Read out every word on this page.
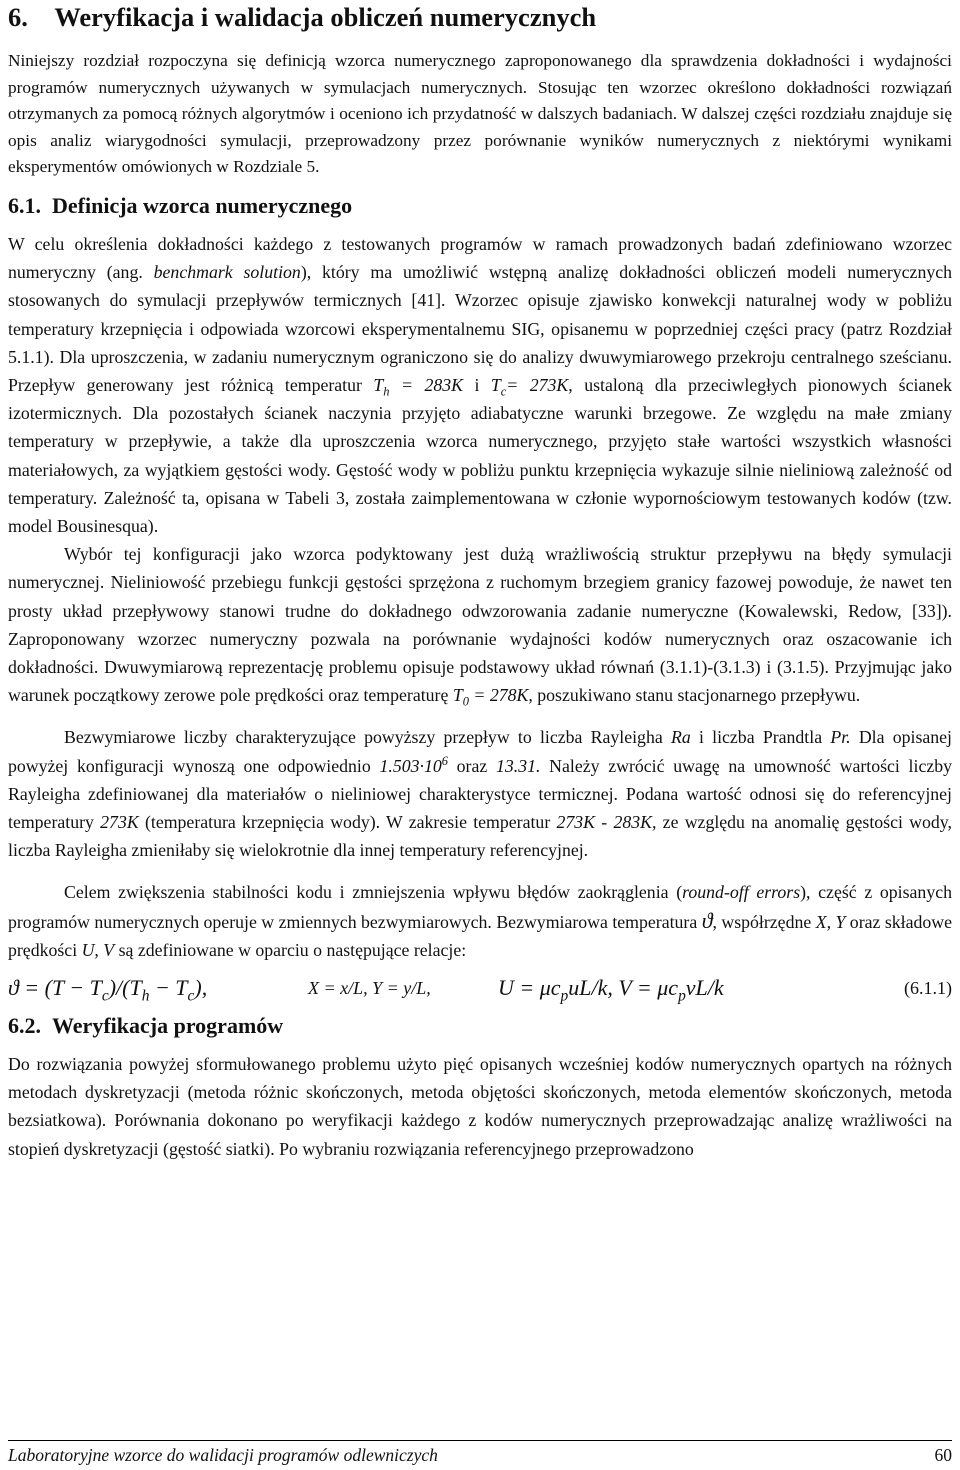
6. Weryfikacja i walidacja obliczeń numerycznych

Niniejszy rozdział rozpoczyna się definicją wzorca numerycznego zaproponowanego dla sprawdzenia dokładności i wydajności programów numerycznych używanych w symulacjach numerycznych. Stosując ten wzorzec określono dokładności rozwiązań otrzymanych za pomocą różnych algorytmów i oceniono ich przydatność w dalszych badaniach. W dalszej części rozdziału znajduje się opis analiz wiarygodności symulacji, przeprowadzony przez porównanie wyników numerycznych z niektórymi wynikami eksperymentów omówionych w Rozdziale 5.

6.1. Definicja wzorca numerycznego

W celu określenia dokładności każdego z testowanych programów w ramach prowadzonych badań zdefiniowano wzorzec numeryczny (ang. benchmark solution), który ma umożliwić wstępną analizę dokładności obliczeń modeli numerycznych stosowanych do symulacji przepływów termicznych [41]. Wzorzec opisuje zjawisko konwekcji naturalnej wody w pobliżu temperatury krzepnięcia i odpowiada wzorcowi eksperymentalnemu SIG, opisanemu w poprzedniej części pracy (patrz Rozdział 5.1.1). Dla uproszczenia, w zadaniu numerycznym ograniczono się do analizy dwuwymiarowego przekroju centralnego sześcianu. Przepływ generowany jest różnicą temperatur $T_h = 283K$ i $T_c= 273K$, ustaloną dla przeciwległych pionowych ścianek izotermicznych. Dla pozostałych ścianek naczynia przyjęto adiabatyczne warunki brzegowe. Ze względu na małe zmiany temperatury w przepływie, a także dla uproszczenia wzorca numerycznego, przyjęto stałe wartości wszystkich własności materiałowych, za wyjątkiem gęstości wody. Gęstość wody w pobliżu punktu krzepnięcia wykazuje silnie nieliniową zależność od temperatury. Zależność ta, opisana w Tabeli 3, została zaimplementowana w członie wypornościowym testowanych kodów (tzw. model Bousinesqua).

Wybór tej konfiguracji jako wzorca podyktowany jest dużą wrażliwością struktur przepływu na błędy symulacji numerycznej. Nieliniowość przebiegu funkcji gęstości sprzężona z ruchomym brzegiem granicy fazowej powoduje, że nawet ten prosty układ przepływowy stanowi trudne do dokładnego odwzorowania zadanie numeryczne (Kowalewski, Redow, [33]). Zaproponowany wzorzec numeryczny pozwala na porównanie wydajności kodów numerycznych oraz oszacowanie ich dokładności. Dwuwymiarową reprezentację problemu opisuje podstawowy układ równań (3.1.1)-(3.1.3) i (3.1.5). Przyjmując jako warunek początkowy zerowe pole prędkości oraz temperaturę $T_0 = 278K$, poszukiwano stanu stacjonarnego przepływu.

Bezwymiarowe liczby charakteryzujące powyższy przepływ to liczba Rayleigha Ra i liczba Prandtla Pr. Dla opisanej powyżej konfiguracji wynoszą one odpowiednio $1.503\cdot 10^6$ oraz 13.31. Należy zwrócić uwagę na umowność wartości liczby Rayleigha zdefiniowanej dla materiałów o nieliniowej charakterystyce termicznej. Podana wartość odnosi się do referencyjnej temperatury 273K (temperatura krzepnięcia wody). W zakresie temperatur 273K - 283K, ze względu na anomalię gęstości wody, liczba Rayleigha zmieniłaby się wielokrotnie dla innej temperatury referencyjnej.

Celem zwiększenia stabilności kodu i zmniejszenia wpływu błędów zaokrąglenia (round-off errors), część z opisanych programów numerycznych operuje w zmiennych bezwymiarowych. Bezwymiarowa temperatura ϑ, współrzędne X, Y oraz składowe prędkości U, V są zdefiniowane w oparciu o następujące relacje:

$ϑ = (T - T_c)/(T_h - T_c)$,	X = x/L, Y = y/L,	$U = \mu c_puL/k$, $V = \mu c_pvL/k$	(6.1.1)
6.2. Weryfikacja programów

Do rozwiązania powyżej sformułowanego problemu użyto pięć opisanych wcześniej kodów numerycznych opartych na różnych metodach dyskretyzacji (metoda różnic skończonych, metoda objętości skończonych, metoda elementów skończonych, metoda bezsiatkowa). Porównania dokonano po weryfikacji każdego z kodów numerycznych przeprowadzając analizę wrażliwości na stopień dyskretyzacji (gęstość siatki). Po wybraniu rozwiązania referencyjnego przeprowadzono

Laboratoryjne wzorce do walidacji programów odlewniczych	60
